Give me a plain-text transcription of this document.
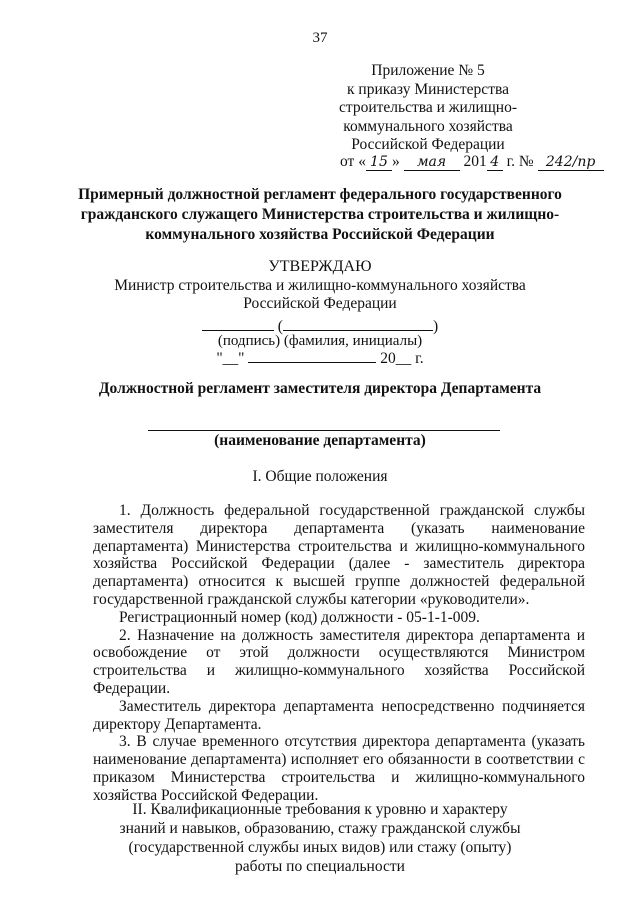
37
Приложение № 5
к приказу Министерства
строительства и жилищно-
коммунального хозяйства
Российской Федерации
от « 15 » мая 201 4 г. № 242/пр
Примерный должностной регламент федерального государственного
гражданского служащего Министерства строительства и жилищно-
коммунального хозяйства Российской Федерации
УТВЕРЖДАЮ
Министр строительства и жилищно-коммунального хозяйства
Российской Федерации
(	)
(подпись) (фамилия, инициалы)
"__"	20__ г.
Должностной регламент заместителя директора Департамента
(наименование департамента)
I. Общие положения

1. Должность федеральной государственной гражданской службы заместителя директора департамента (указать наименование департамента) Министерства строительства и жилищно-коммунального хозяйства Российской Федерации (далее - заместитель директора департамента) относится к высшей группе должностей федеральной государственной гражданской службы категории «руководители».

Регистрационный номер (код) должности - 05-1-1-009.

2. Назначение на должность заместителя директора департамента и освобождение от этой должности осуществляются Министром строительства и жилищно-коммунального хозяйства Российской Федерации.

Заместитель директора департамента непосредственно подчиняется директору Департамента.

3. В случае временного отсутствия директора департамента (указать наименование департамента) исполняет его обязанности в соответствии с приказом Министерства строительства и жилищно-коммунального хозяйства Российской Федерации.

II. Квалификационные требования к уровню и характеру
знаний и навыков, образованию, стажу гражданской службы
(государственной службы иных видов) или стажу (опыту)
работы по специальности
